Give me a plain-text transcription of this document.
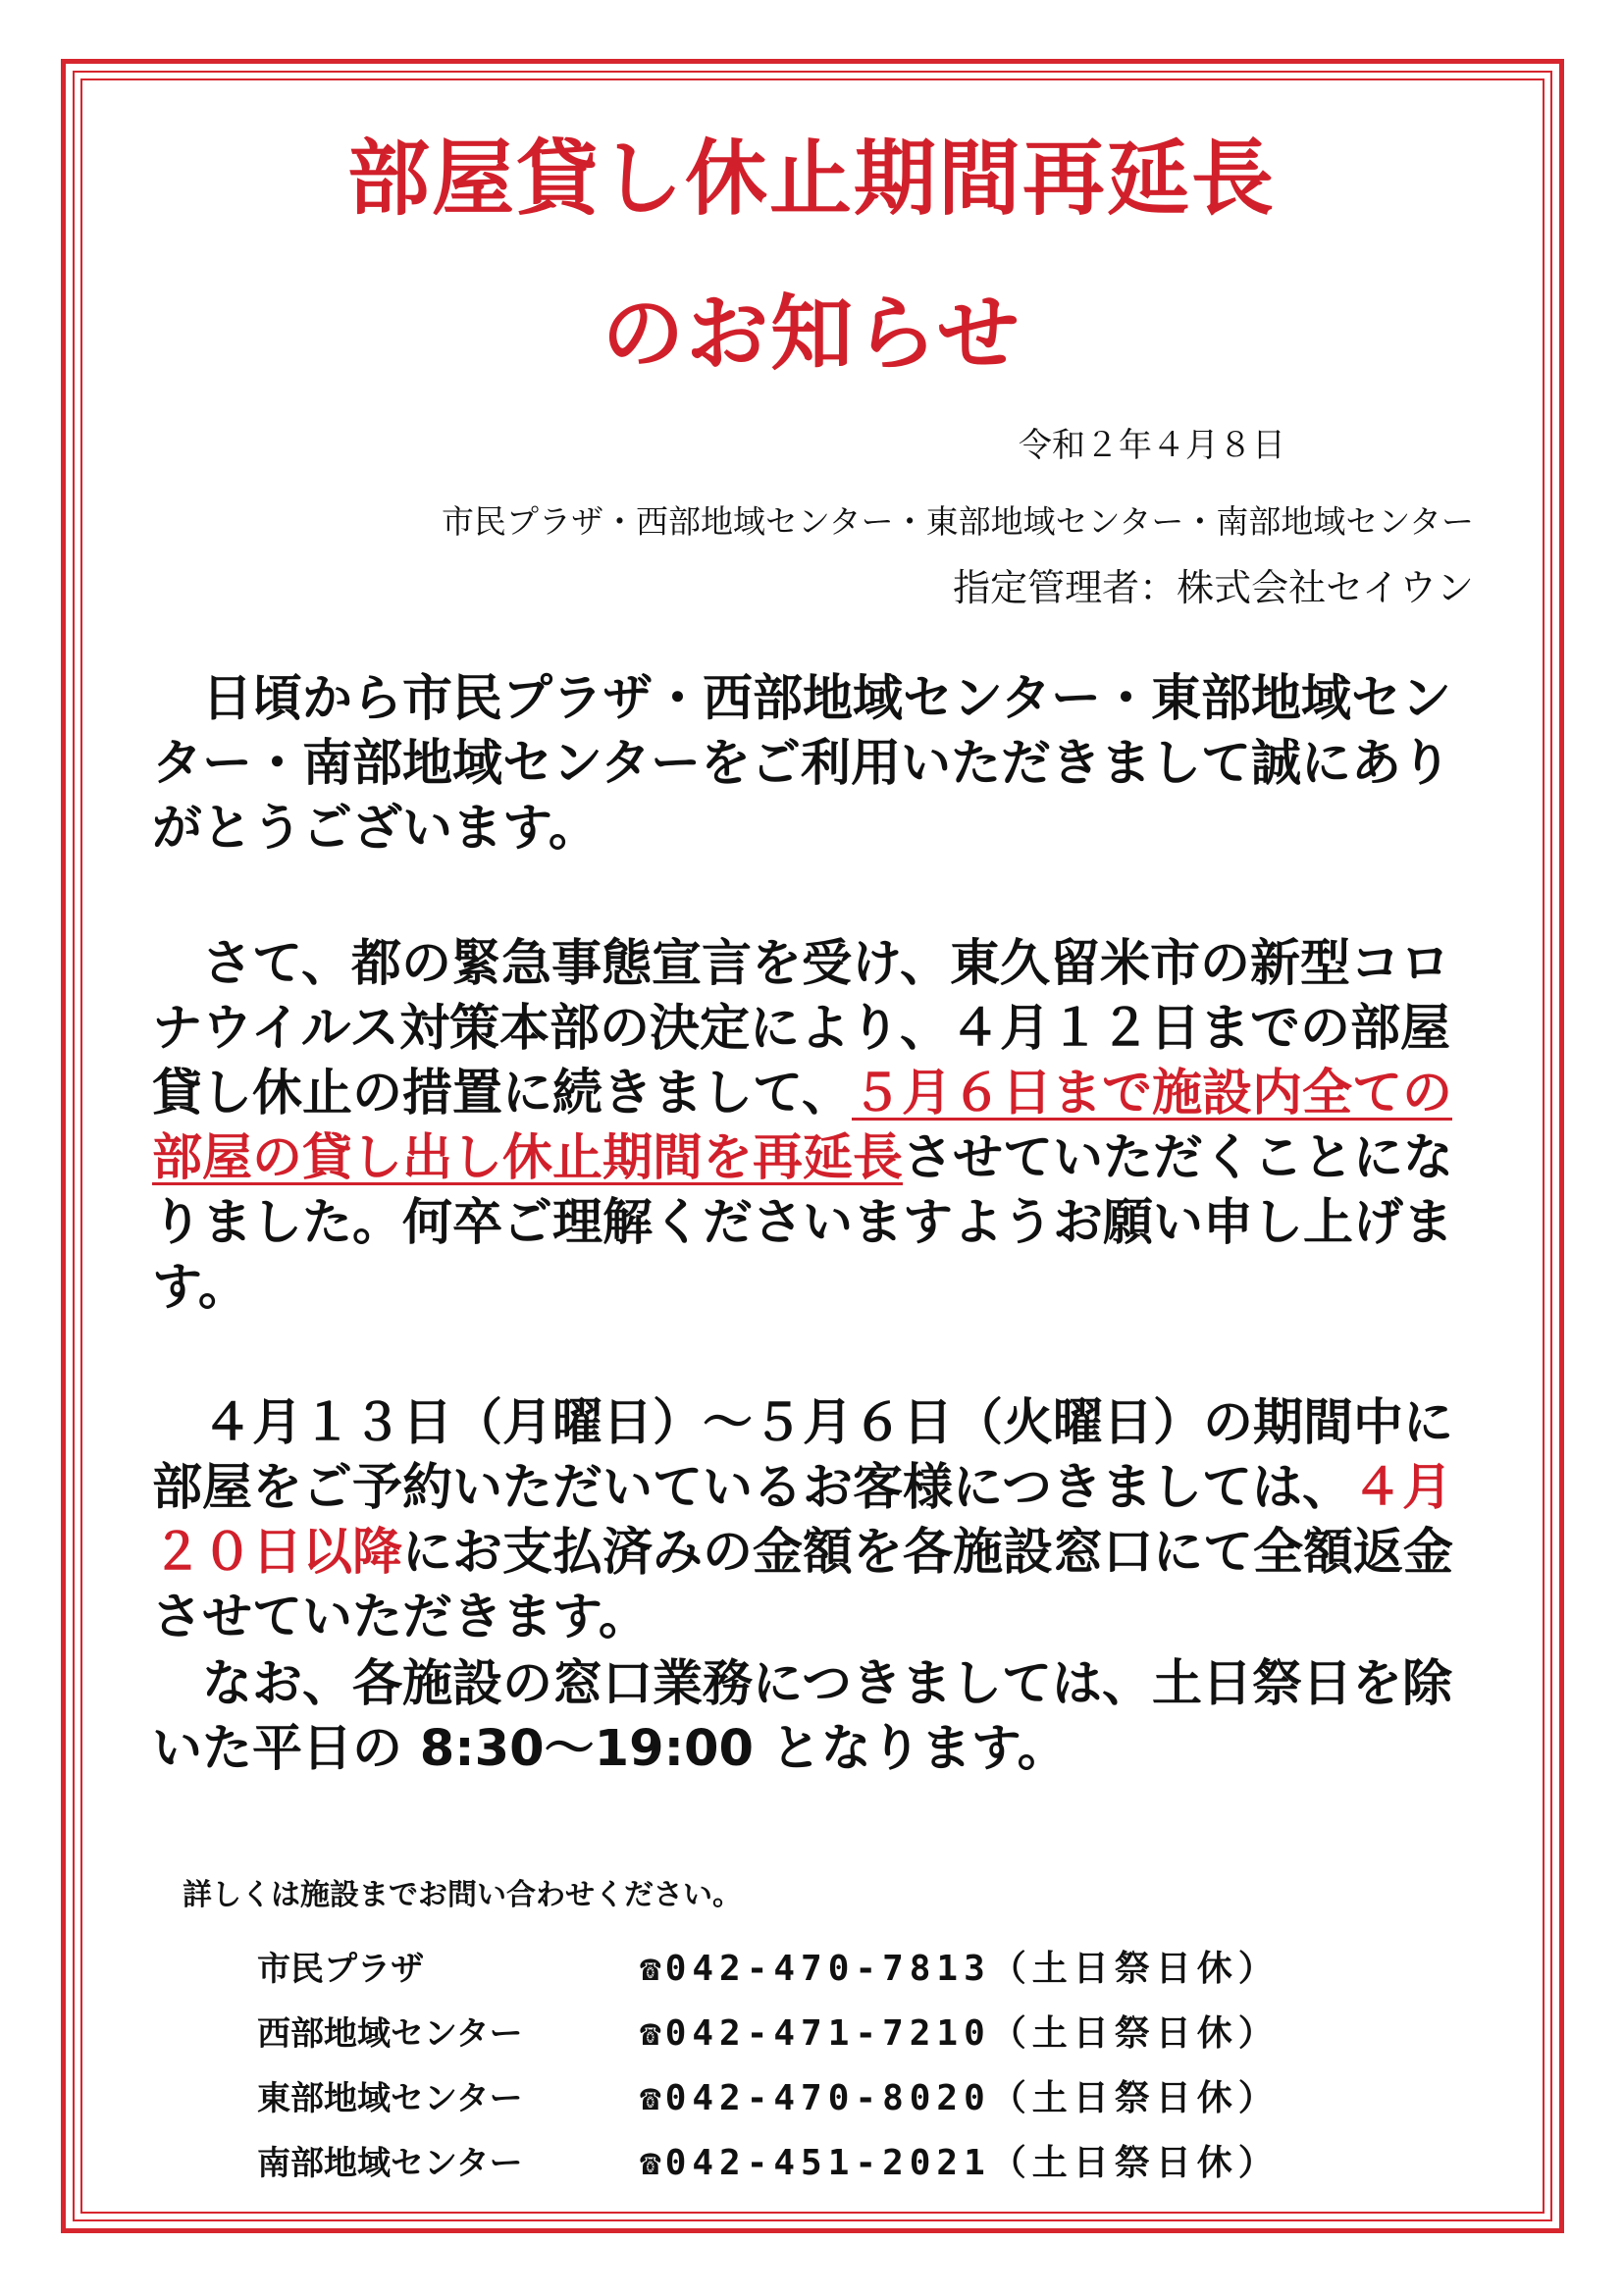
部屋貸し休止期間再延長
のお知らせ
令和２年４月８日
市民プラザ・西部地域センター・東部地域センター・南部地域センター
指定管理者：株式会社セイウン

　日頃から市民プラザ・西部地域センター・東部地域センター・南部地域センターをご利用いただきまして誠にありがとうございます。

　さて、都の緊急事態宣言を受け、東久留米市の新型コロナウイルス対策本部の決定により、４月１２日までの部屋貸し休止の措置に続きまして、５月６日まで施設内全ての部屋の貸し出し休止期間を再延長させていただくことになりました。何卒ご理解くださいますようお願い申し上げます。

　４月１３日（月曜日）～５月６日（火曜日）の期間中に部屋をご予約いただいているお客様につきましては、４月２０日以降にお支払済みの金額を各施設窓口にて全額返金させていただきます。

　なお、各施設の窓口業務につきましては、土日祭日を除いた平日の 8:30～19:00 となります。

詳しくは施設までお問い合わせください。
市民プラザ	☎ 042-470-7813（土日祭日休）
西部地域センター	☎ 042-471-7210（土日祭日休）
東部地域センター	☎ 042-470-8020（土日祭日休）
南部地域センター	☎ 042-451-2021（土日祭日休）
